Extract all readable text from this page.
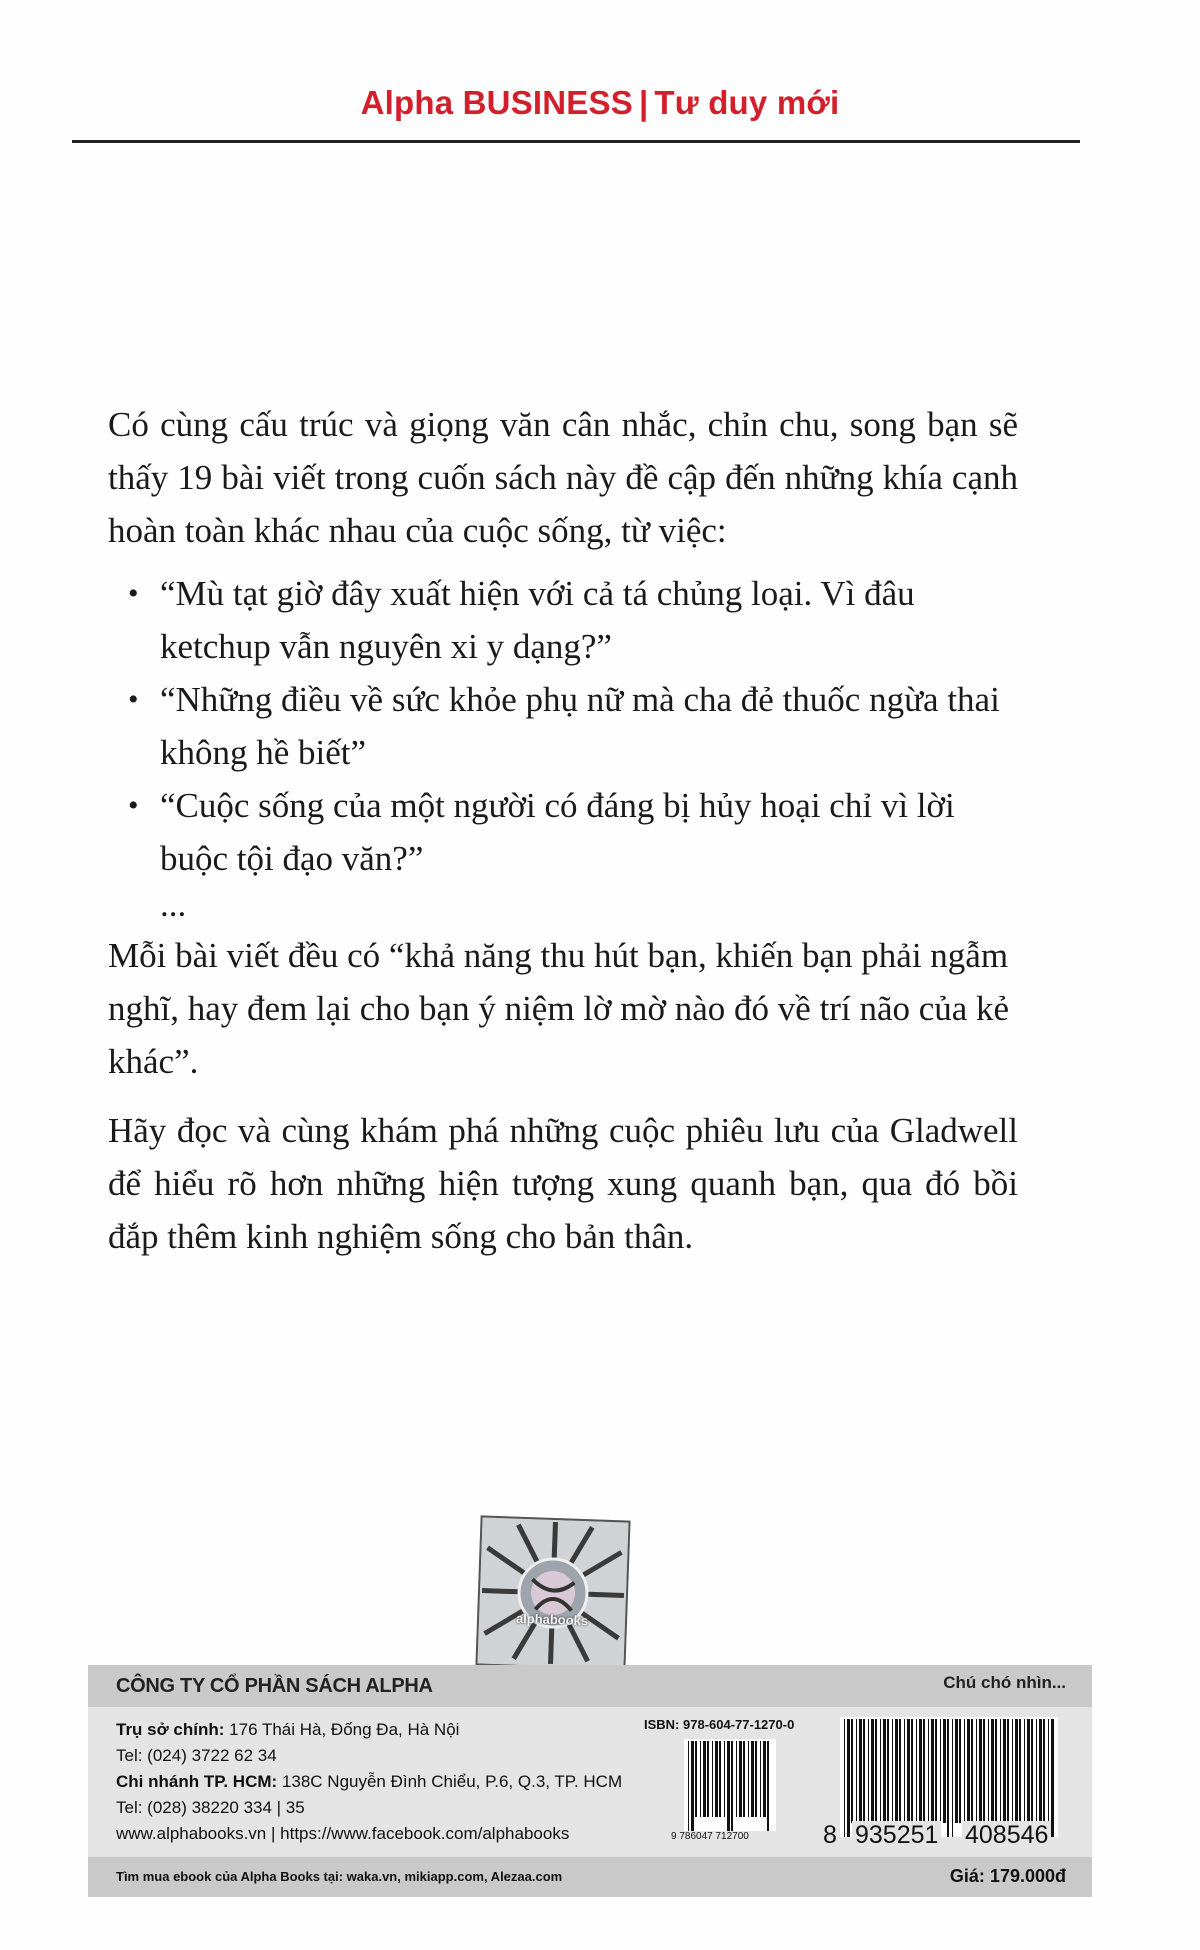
Alpha BUSINESS | Tư duy mới

Có cùng cấu trúc và giọng văn cân nhắc, chỉn chu, song bạn sẽ thấy 19 bài viết trong cuốn sách này đề cập đến những khía cạnh hoàn toàn khác nhau của cuộc sống, từ việc:

• “Mù tạt giờ đây xuất hiện với cả tá chủng loại. Vì đâu ketchup vẫn nguyên xi y dạng?”
• “Những điều về sức khỏe phụ nữ mà cha đẻ thuốc ngừa thai không hề biết”
• “Cuộc sống của một người có đáng bị hủy hoại chỉ vì lời buộc tội đạo văn?”

...

Mỗi bài viết đều có “khả năng thu hút bạn, khiến bạn phải ngẫm nghĩ, hay đem lại cho bạn ý niệm lờ mờ nào đó về trí não của kẻ khác”.

Hãy đọc và cùng khám phá những cuộc phiêu lưu của Gladwell để hiểu rõ hơn những hiện tượng xung quanh bạn, qua đó bồi đắp thêm kinh nghiệm sống cho bản thân.

alphabooks
CÔNG TY CỔ PHẦN SÁCH ALPHA	Chú chó nhìn...
Trụ sở chính: 176 Thái Hà, Đống Đa, Hà Nội
Tel: (024) 3722 62 34
Chi nhánh TP. HCM: 138C Nguyễn Đình Chiểu, P.6, Q.3, TP. HCM
Tel: (028) 38220 334 | 35
www.alphabooks.vn | https://www.facebook.com/alphabooks
ISBN: 978-604-77-1270-0
9 786047 712700	8 935251 408546
Tìm mua ebook của Alpha Books tại: waka.vn, mikiapp.com, Alezaa.com	Giá: 179.000đ
